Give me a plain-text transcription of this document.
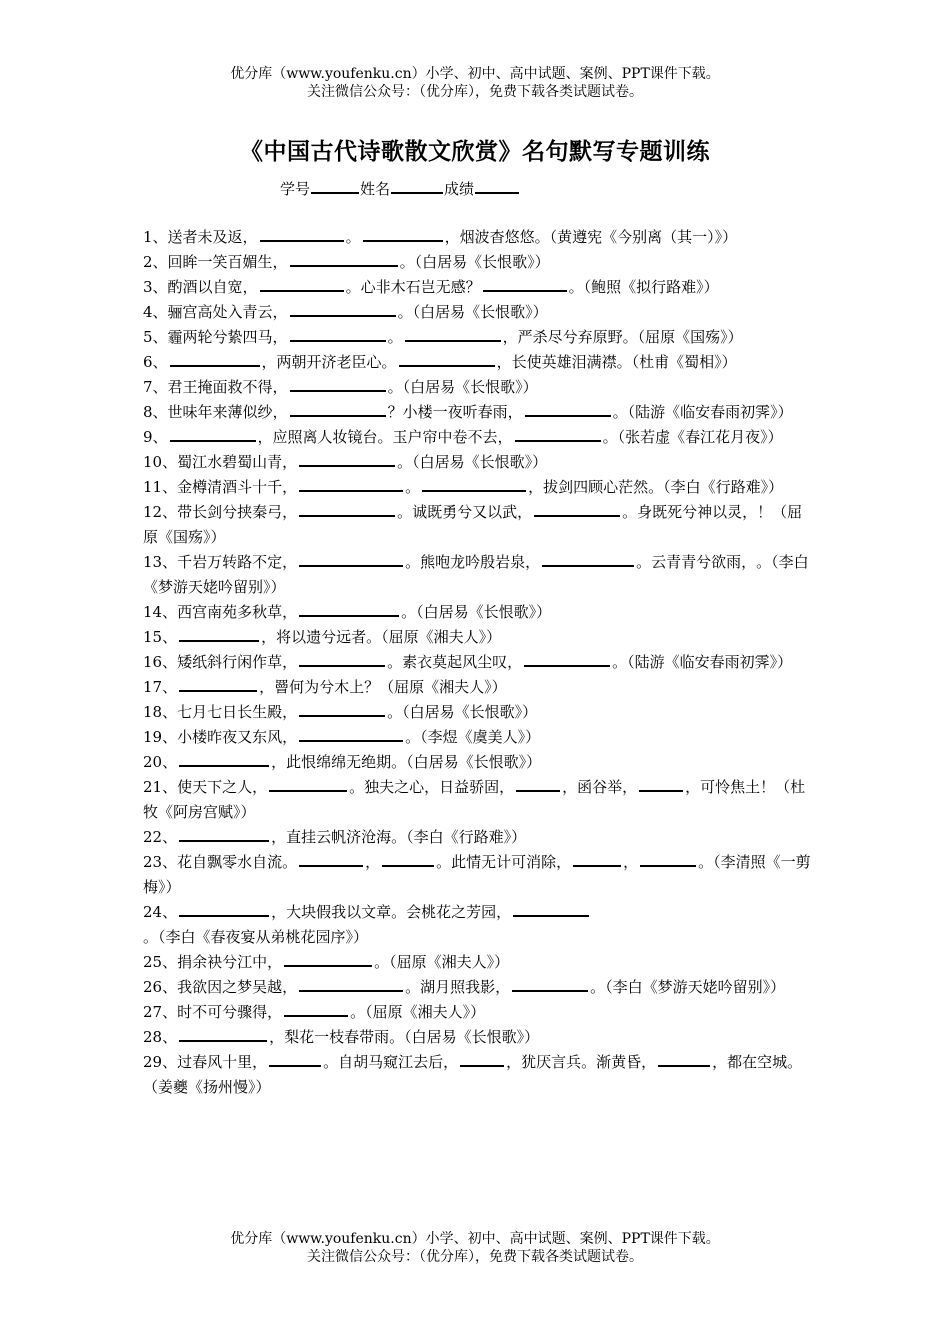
优分库（www.youfenku.cn）小学、初中、高中试题、案例、PPT课件下载。
关注微信公众号：（优分库），免费下载各类试题试卷。
《中国古代诗歌散文欣赏》名句默写专题训练
学号	姓名	成绩
1、送者未及返，	。	，烟波杳悠悠。（黄遵宪《今别离（其一）》）
2、回眸一笑百媚生，	。（白居易《长恨歌》）
3、酌酒以自宽，	。心非木石岂无感？	。（鲍照《拟行路难》）
4、骊宫高处入青云，	。（白居易《长恨歌》）
5、霾两轮兮絷四马，	。	，严杀尽兮弃原野。（屈原《国殇》）
6、	，两朝开济老臣心。	，长使英雄泪满襟。（杜甫《蜀相》）
7、君王掩面救不得，	。（白居易《长恨歌》）
8、世味年来薄似纱，	？小楼一夜听春雨，	。（陆游《临安春雨初霁》）
9、	，应照离人妆镜台。玉户帘中卷不去，	。（张若虚《春江花月夜》）
10、蜀江水碧蜀山青，	。（白居易《长恨歌》）
11、金樽清酒斗十千，	。	，拔剑四顾心茫然。（李白《行路难》）
12、带长剑兮挟秦弓，	。诚既勇兮又以武，	。身既死兮神以灵，！（屈原《国殇》）
13、千岩万转路不定，	。熊咆龙吟殷岩泉，	。云青青兮欲雨，。（李白《梦游天姥吟留别》）
14、西宫南苑多秋草，	。（白居易《长恨歌》）
15、	，将以遗兮远者。（屈原《湘夫人》）
16、矮纸斜行闲作草，	。素衣莫起风尘叹，	。（陆游《临安春雨初霁》）
17、	，罾何为兮木上？（屈原《湘夫人》）
18、七月七日长生殿，	。（白居易《长恨歌》）
19、小楼昨夜又东风，	。（李煜《虞美人》）
20、	，此恨绵绵无绝期。（白居易《长恨歌》）
21、使天下之人，	。独夫之心，日益骄固，	，函谷举，	，可怜焦土！（杜牧《阿房宫赋》）
22、	，直挂云帆济沧海。（李白《行路难》）
23、花自飘零水自流。	，	。此情无计可消除，	，	。（李清照《一剪梅》）
24、	，大块假我以文章。会桃花之芳园，。（李白《春夜宴从弟桃花园序》）
25、捐余袂兮江中，	。（屈原《湘夫人》）
26、我欲因之梦吴越，	。湖月照我影，	。（李白《梦游天姥吟留别》）
27、时不可兮骤得，	。（屈原《湘夫人》）
28、	，梨花一枝春带雨。（白居易《长恨歌》）
29、过春风十里，	。自胡马窥江去后，	，犹厌言兵。渐黄昏，	，都在空城。（姜夔《扬州慢》）
优分库（www.youfenku.cn）小学、初中、高中试题、案例、PPT课件下载。
关注微信公众号：（优分库），免费下载各类试题试卷。
